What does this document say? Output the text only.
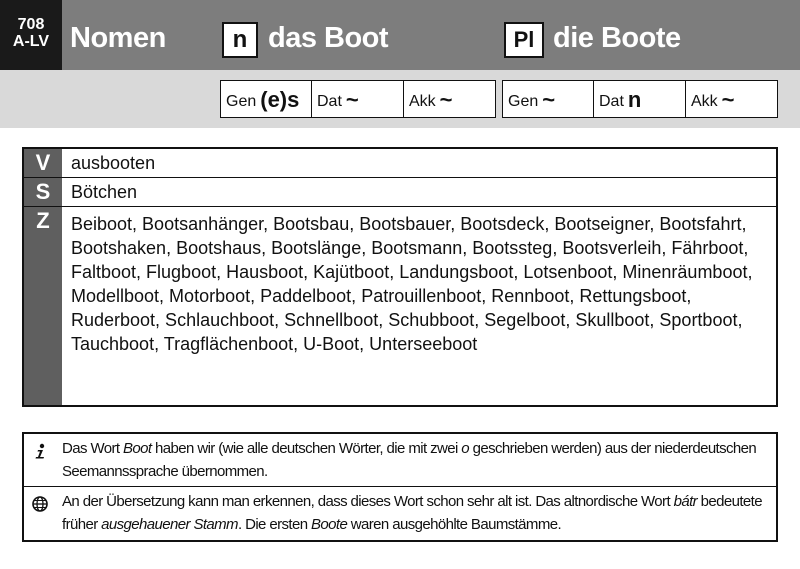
708
A-LV Nomen	n das Boot	Pl die Boote
Gen (e)s	Dat ~	Akk ~	Gen ~	Dat n	Akk ~
V	ausbooten
S	Bötchen
Z	Beiboot, Bootsanhänger, Bootsbau, Bootsbauer, Bootsdeck, Bootseigner, Bootsfahrt, Bootshaken, Bootshaus, Bootslänge, Bootsmann, Bootssteg, Bootsverleih, Fährboot, Faltboot, Flugboot, Hausboot, Kajütboot, Landungsboot, Lotsenboot, Minenräumboot, Modellboot, Motorboot, Paddelboot, Patrouillenboot, Rennboot, Rettungsboot, Ruderboot, Schlauchboot, Schnellboot, Schubboot, Segelboot, Skullboot, Sportboot, Tauchboot, Tragflächenboot, U-Boot, Unterseeboot
Das Wort Boot haben wir (wie alle deutschen Wörter, die mit zwei o geschrieben werden) aus der niederdeutschen Seemannssprache übernommen.
An der Übersetzung kann man erkennen, dass dieses Wort schon sehr alt ist. Das altnordische Wort bátr bedeutete früher ausgehauener Stamm. Die ersten Boote waren ausgehöhlte Baumstämme.
